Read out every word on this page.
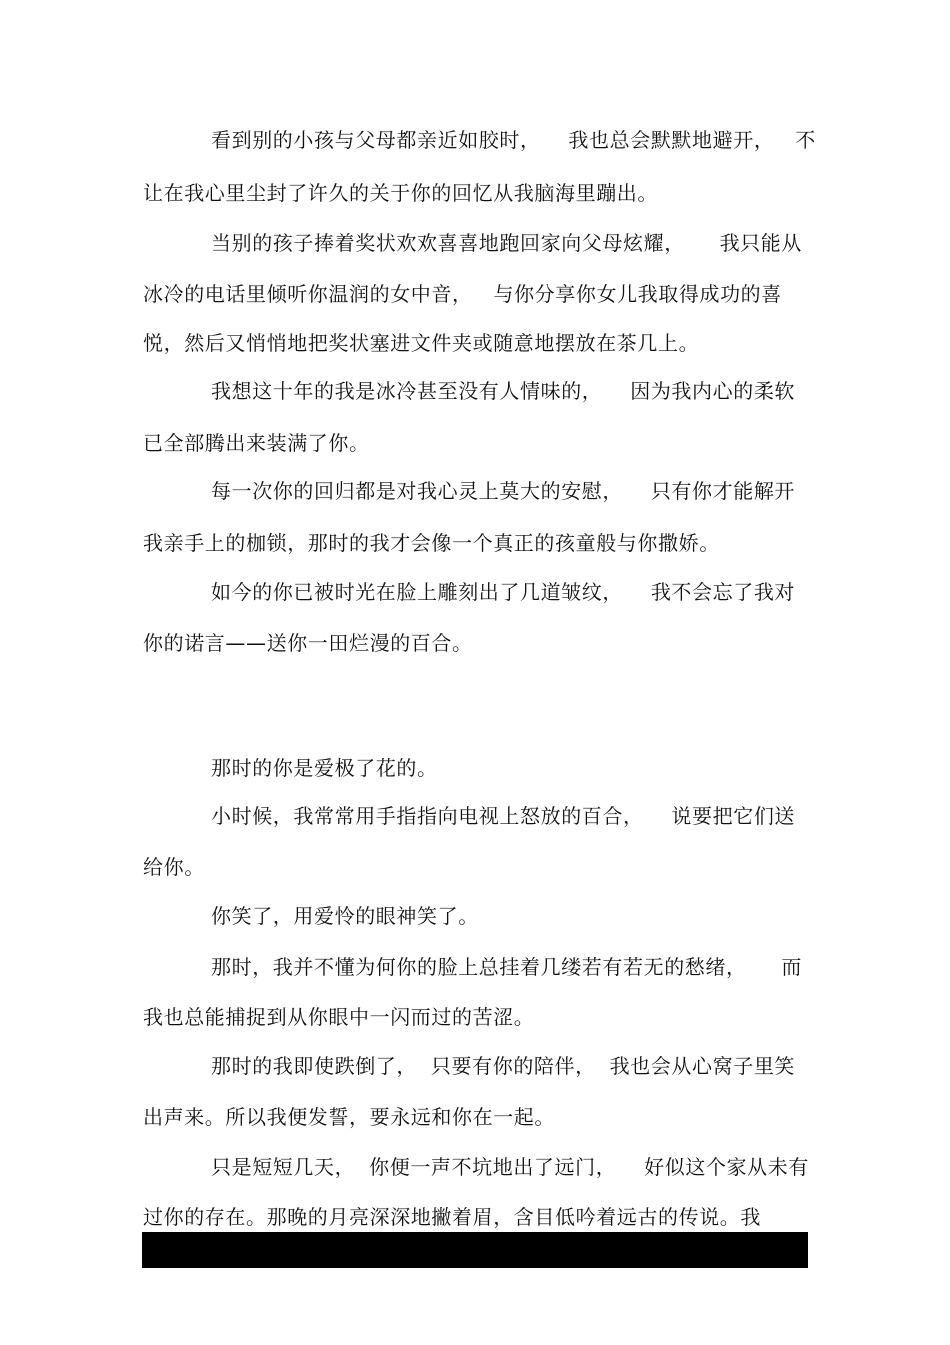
看到别的小孩与父母都亲近如胶时，    我也总会默默地避开，   不
让在我心里尘封了许久的关于你的回忆从我脑海里蹦出。
当别的孩子捧着奖状欢欢喜喜地跑回家向父母炫耀，     我只能从
冰冷的电话里倾听你温润的女中音，   与你分享你女儿我取得成功的喜
悦，然后又悄悄地把奖状塞进文件夹或随意地摆放在茶几上。
我想这十年的我是冰冷甚至没有人情味的，    因为我内心的柔软
已全部腾出来装满了你。
每一次你的回归都是对我心灵上莫大的安慰，    只有你才能解开
我亲手上的枷锁，那时的我才会像一个真正的孩童般与你撒娇。
如今的你已被时光在脸上雕刻出了几道皱纹，    我不会忘了我对
你的诺言——送你一田烂漫的百合。
那时的你是爱极了花的。
小时候，我常常用手指指向电视上怒放的百合，    说要把它们送
给你。
你笑了，用爱怜的眼神笑了。
那时，我并不懂为何你的脸上总挂着几缕若有若无的愁绪，     而
我也总能捕捉到从你眼中一闪而过的苦涩。
那时的我即使跌倒了，  只要有你的陪伴，  我也会从心窝子里笑
出声来。所以我便发誓，要永远和你在一起。
只是短短几天，  你便一声不坑地出了远门，    好似这个家从未有
过你的存在。那晚的月亮深深地撇着眉，含目低吟着远古的传说。我
